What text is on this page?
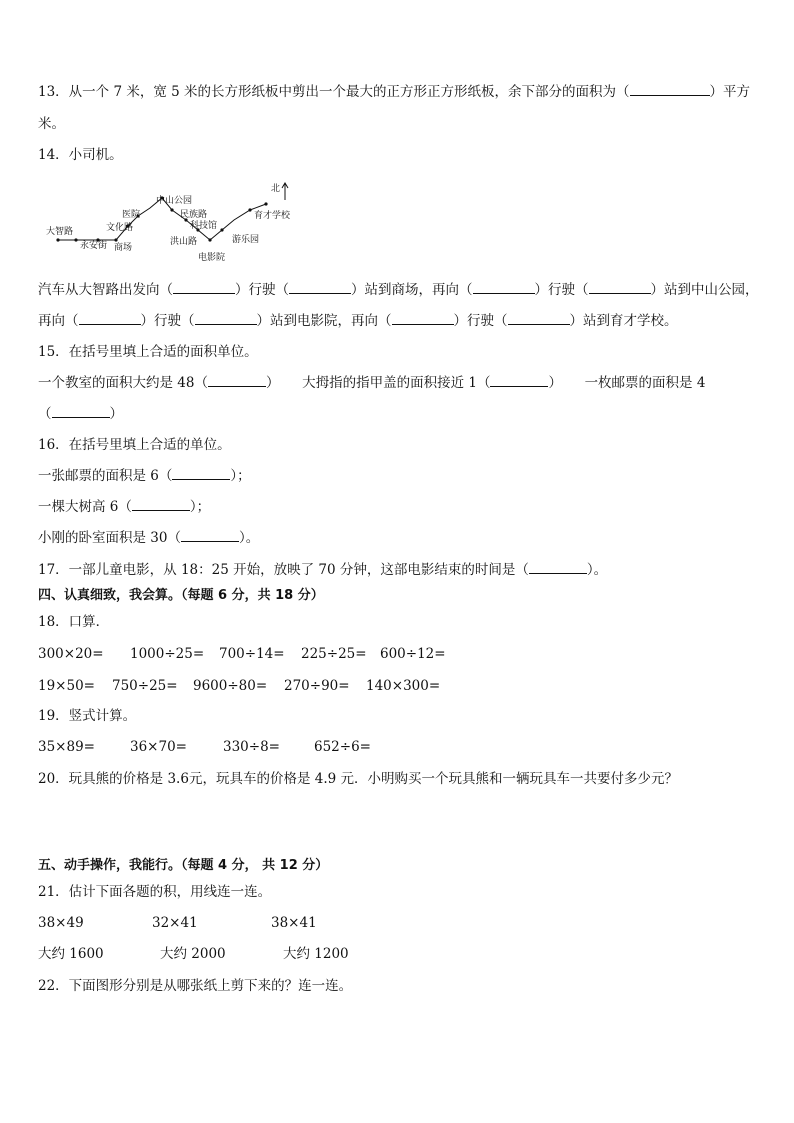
13．从一个 7 米，宽 5 米的长方形纸板中剪出一个最大的正方形正方形纸板，余下部分的面积为（	）平方
米。
14．小司机。
北
大智路
永安街 商场
文化路
医院
中山公园
民族路
科技馆
洪山路
电影院
游乐园
育才学校
汽车从大智路出发向（	）行驶（	）站到商场，再向（	）行驶（	）站到中山公园，
再向（	）行驶（	）站到电影院，再向（	）行驶（	）站到育才学校。
15．在括号里填上合适的面积单位。
一个教室的面积大约是 48（	） 大拇指的指甲盖的面积接近 1（	） 一枚邮票的面积是 4
（	）
16．在括号里填上合适的单位。
一张邮票的面积是 6（	）；
一棵大树高 6（	）；
小刚的卧室面积是 30（	）。
17．一部儿童电影，从 18：25 开始，放映了 70 分钟，这部电影结束的时间是（	）。
四、认真细致，我会算。（每题 6 分，共 18 分）
18．口算．
300×20= 1000÷25= 700÷14= 225÷25= 600÷12=
19×50= 750÷25= 9600÷80= 270÷90= 140×300=
19．竖式计算。
35×89=	36×70=	330÷8=	652÷6=
20．玩具熊的价格是 3.6元，玩具车的价格是 4.9 元．小明购买一个玩具熊和一辆玩具车一共要付多少元？
五、动手操作，我能行。（每题 4 分， 共 12 分）
21．估计下面各题的积，用线连一连。
38×49	32×41	38×41
大约 1600	大约 2000	大约 1200
22．下面图形分别是从哪张纸上剪下来的？连一连。
